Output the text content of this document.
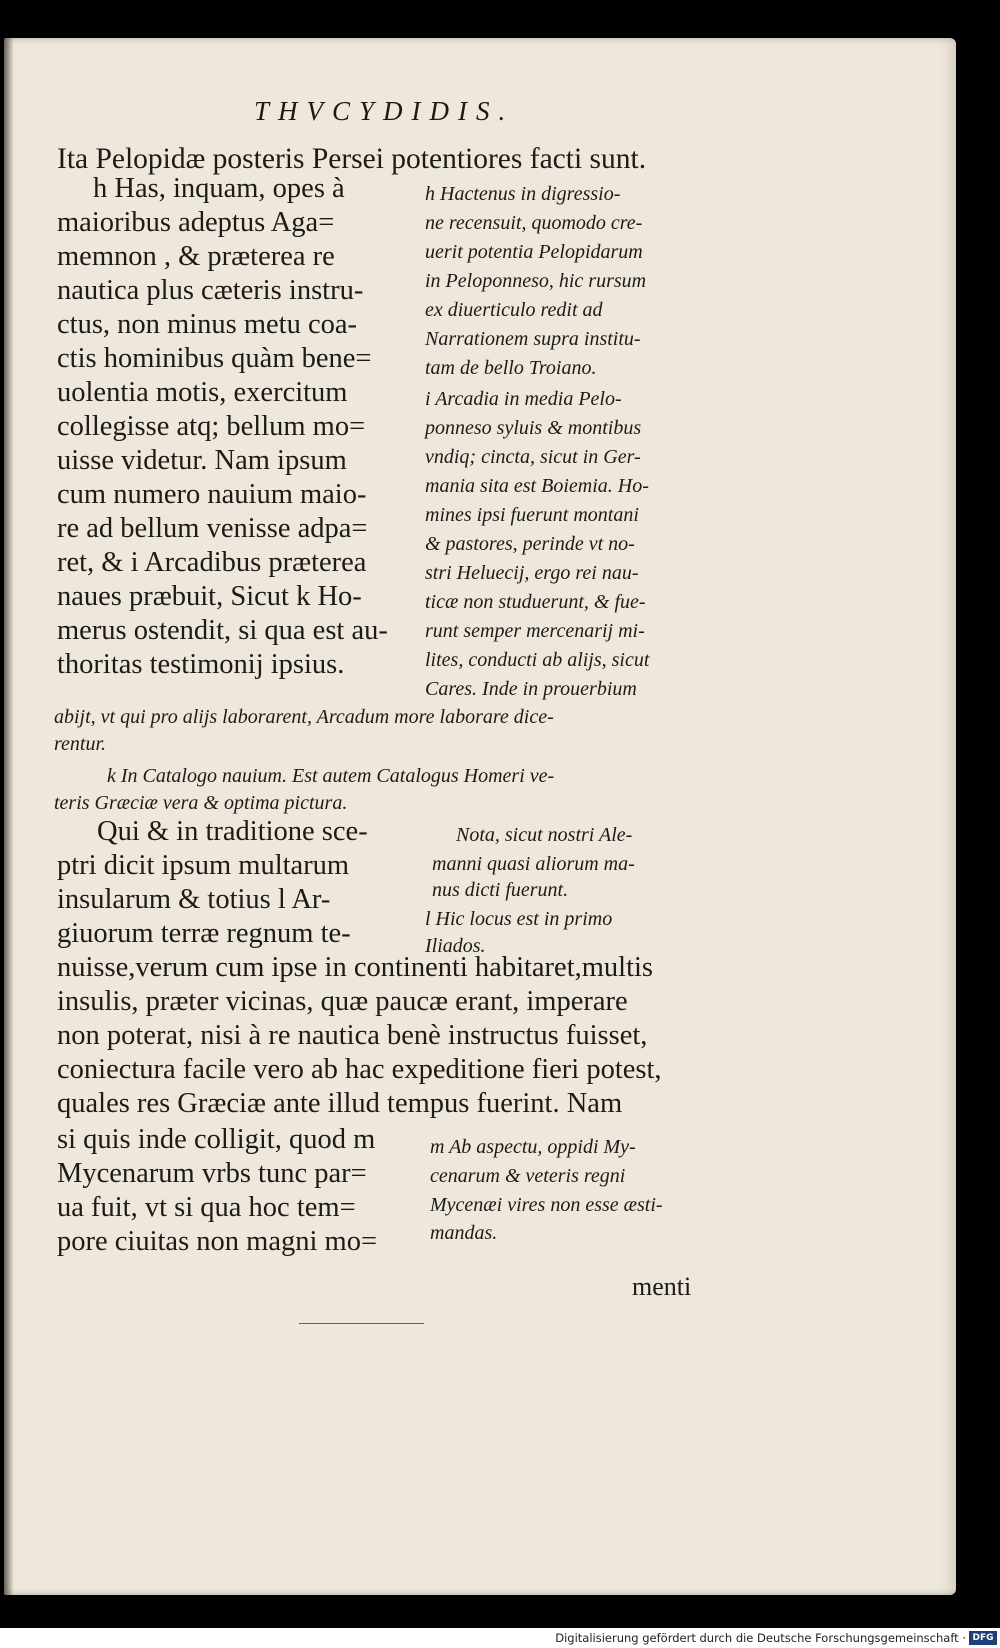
THVCYDIDIS.

Ita Pelopidæ posteris Persei potentiores facti sunt.

h Has, inquam, opes à

maioribus adeptus Aga=

memnon , & præterea re

nautica plus cæteris instru-

ctus, non minus metu coa-

ctis hominibus quàm bene=

uolentia motis, exercitum

collegisse atq; bellum mo=

uisse videtur. Nam ipsum

cum numero nauium maio-

re ad bellum venisse adpa=

ret, & i Arcadibus præterea

naues præbuit, Sicut k Ho-

merus ostendit, si qua est au-

thoritas testimonij ipsius.

h Hactenus in digressio-

ne recensuit, quomodo cre-

uerit potentia Pelopidarum

in Peloponneso, hic rursum

ex diuerticulo redit ad

Narrationem supra institu-

tam de bello Troiano.

i Arcadia in media Pelo-

ponneso syluis & montibus

vndiq; cincta, sicut in Ger-

mania sita est Boiemia. Ho-

mines ipsi fuerunt montani

& pastores, perinde vt no-

stri Heluecij, ergo rei nau-

ticæ non studuerunt, & fue-

runt semper mercenarij mi-

lites, conducti ab alijs, sicut

Cares. Inde in prouerbium

abijt, vt qui pro alijs laborarent, Arcadum more laborare dice-

rentur.

k In Catalogo nauium. Est autem Catalogus Homeri ve-

teris Græciæ vera & optima pictura.

Qui & in traditione sce-

ptri dicit ipsum multarum

insularum & totius l Ar-

giuorum terræ regnum te-

Nota, sicut nostri Ale-

manni quasi aliorum ma-

nus dicti fuerunt.

l Hic locus est in primo

Iliados.

nuisse,verum cum ipse in continenti habitaret,multis

insulis, præter vicinas, quæ paucæ erant, imperare

non poterat, nisi à re nautica benè instructus fuisset,

coniectura facile vero ab hac expeditione fieri potest,

quales res Græciæ ante illud tempus fuerint. Nam

si quis inde colligit, quod m

Mycenarum vrbs tunc par=

ua fuit, vt si qua hoc tem=

pore ciuitas non magni mo=

m Ab aspectu, oppidi My-

cenarum & veteris regni

Mycenæi vires non esse æsti-

mandas.

menti

Digitalisierung gefördert durch die Deutsche Forschungsgemeinschaft · DFG
